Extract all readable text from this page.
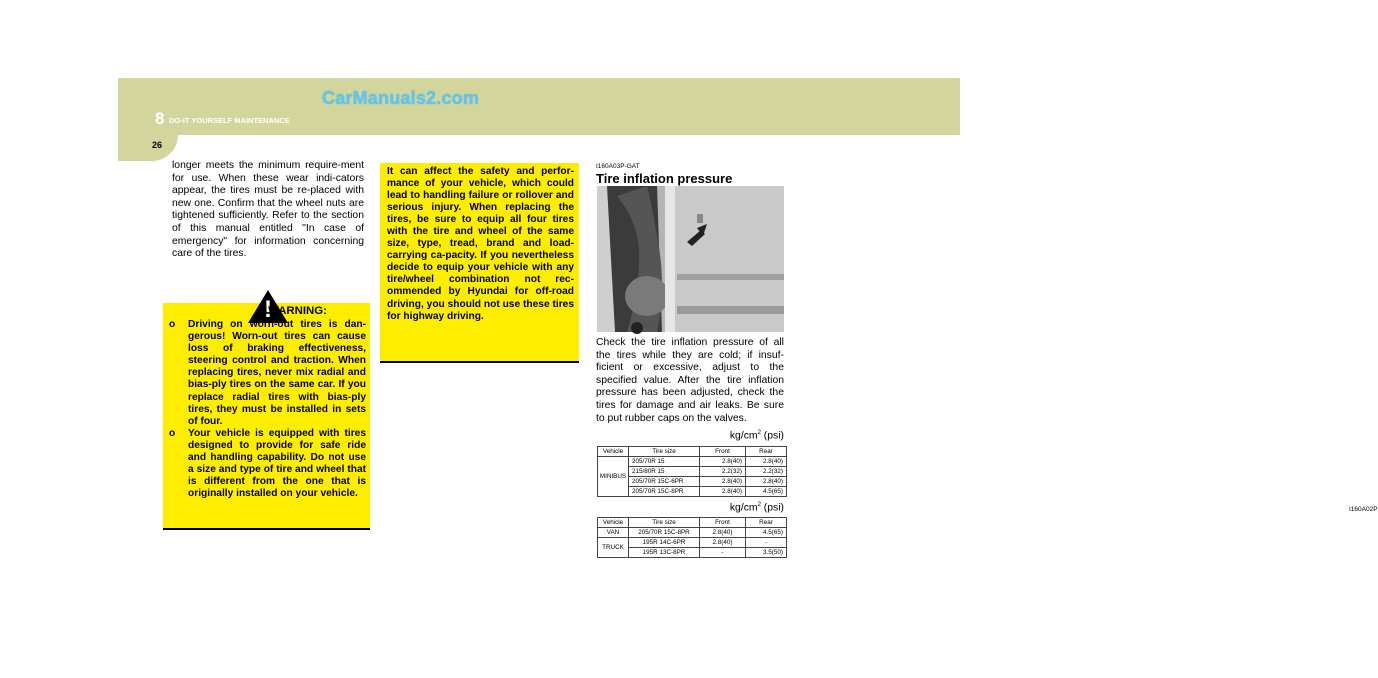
CarManuals2.com
8 DO-IT YOURSELF MAINTENANCE
26
longer meets the minimum require-ment for use. When these wear indi-cators appear, the tires must be re-placed with new one. Confirm that the wheel nuts are tightened sufficiently. Refer to the section of this manual entitled "In case of emergency" for information concerning care of the tires.
!
WARNING:
o Driving on worn-out tires is dan-gerous! Worn-out tires can cause loss of braking effectiveness, steering control and traction. When replacing tires, never mix radial and bias-ply tires on the same car. If you replace radial tires with bias-ply tires, they must be installed in sets of four.
o Your vehicle is equipped with tires designed to provide for safe ride and handling capability. Do not use a size and type of tire and wheel that is different from the one that is originally installed on your vehicle.
It can affect the safety and perfor-mance of your vehicle, which could lead to handling failure or rollover and serious injury. When replacing the tires, be sure to equip all four tires with the tire and wheel of the same size, type, tread, brand and load-carrying ca-pacity. If you nevertheless decide to equip your vehicle with any tire/wheel combination not rec-ommended by Hyundai for off-road driving, you should not use these tires for highway driving.
I160A03P-GAT
Tire inflation pressure
I160A02P
Check the tire inflation pressure of all the tires while they are cold; if insuf-ficient or excessive, adjust to the specified value. After the tire inflation pressure has been adjusted, check the tires for damage and air leaks. Be sure to put rubber caps on the valves.
$kg/cm^2$ (psi)
Vehicle	Tire size	Front	Rear
MINIBUS	205/70R 15	2.8(40)	2.8(40)
	215/80R 15	2.2(32)	2.2(32)
	205/70R 15C-6PR	2.8(40)	2.8(40)
	205/70R 15C-8PR	2.8(40)	4.5(65)
$kg/cm^2$ (psi)
Vehicle	Tire size	Front	Rear
VAN	205/70R 15C-8PR	2.8(40)	4.5(65)
TRUCK	195R 14C-6PR	2.8(40)	-
	195R 13C-8PR	-	3.5(50)
